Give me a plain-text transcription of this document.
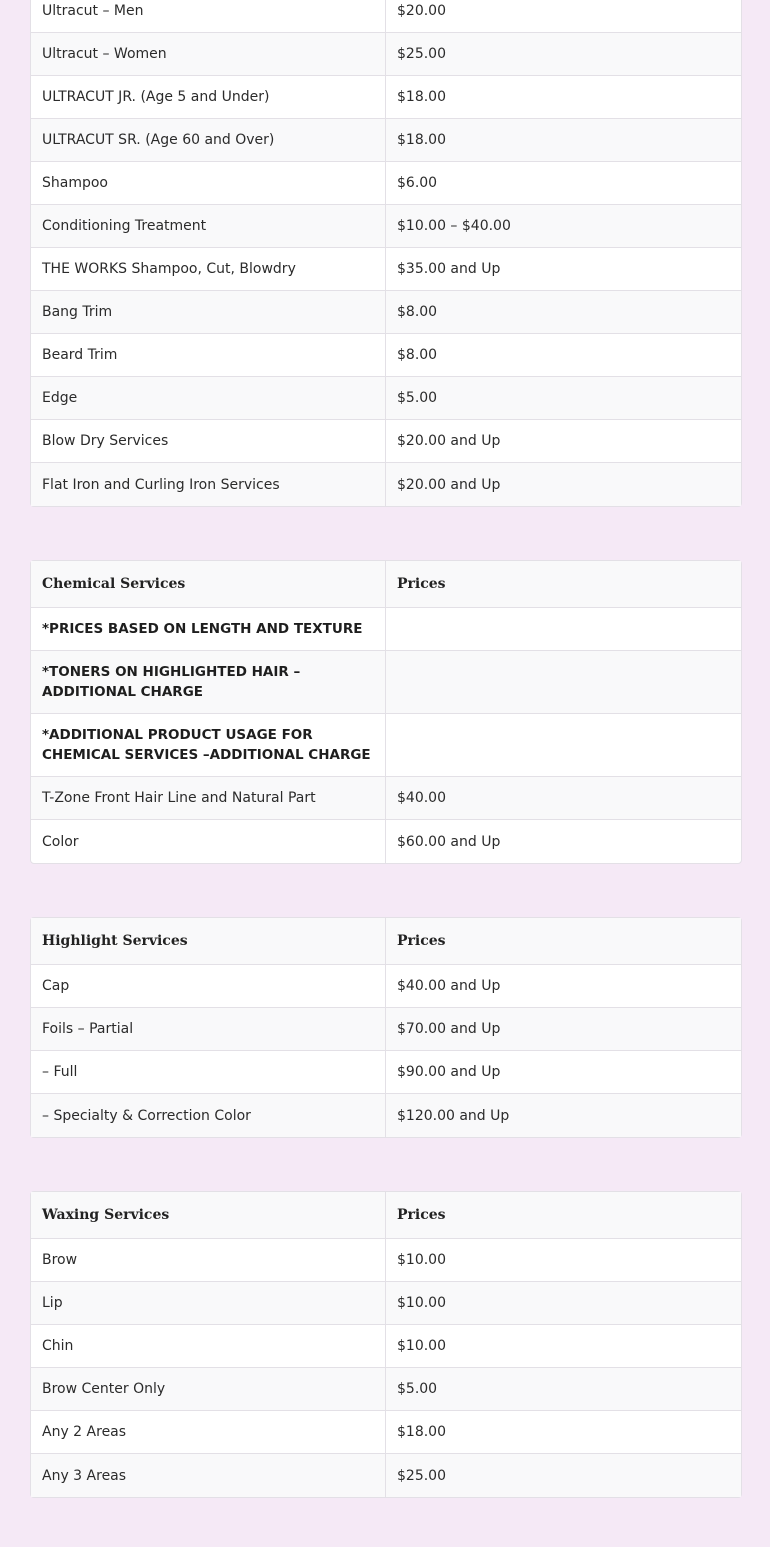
Ultracut – Men	$20.00
Ultracut – Women	$25.00
ULTRACUT JR. (Age 5 and Under)	$18.00
ULTRACUT SR. (Age 60 and Over)	$18.00
Shampoo	$6.00
Conditioning Treatment	$10.00 – $40.00
THE WORKS Shampoo, Cut, Blowdry	$35.00 and Up
Bang Trim	$8.00
Beard Trim	$8.00
Edge	$5.00
Blow Dry Services	$20.00 and Up
Flat Iron and Curling Iron Services	$20.00 and Up
Chemical Services	Prices
*PRICES BASED ON LENGTH AND TEXTURE	
*TONERS ON HIGHLIGHTED HAIR – ADDITIONAL CHARGE	
*ADDITIONAL PRODUCT USAGE FOR CHEMICAL SERVICES –ADDITIONAL CHARGE	
T-Zone Front Hair Line and Natural Part	$40.00
Color	$60.00 and Up
Highlight Services	Prices
Cap	$40.00 and Up
Foils – Partial	$70.00 and Up
– Full	$90.00 and Up
– Specialty & Correction Color	$120.00 and Up
Waxing Services	Prices
Brow	$10.00
Lip	$10.00
Chin	$10.00
Brow Center Only	$5.00
Any 2 Areas	$18.00
Any 3 Areas	$25.00
